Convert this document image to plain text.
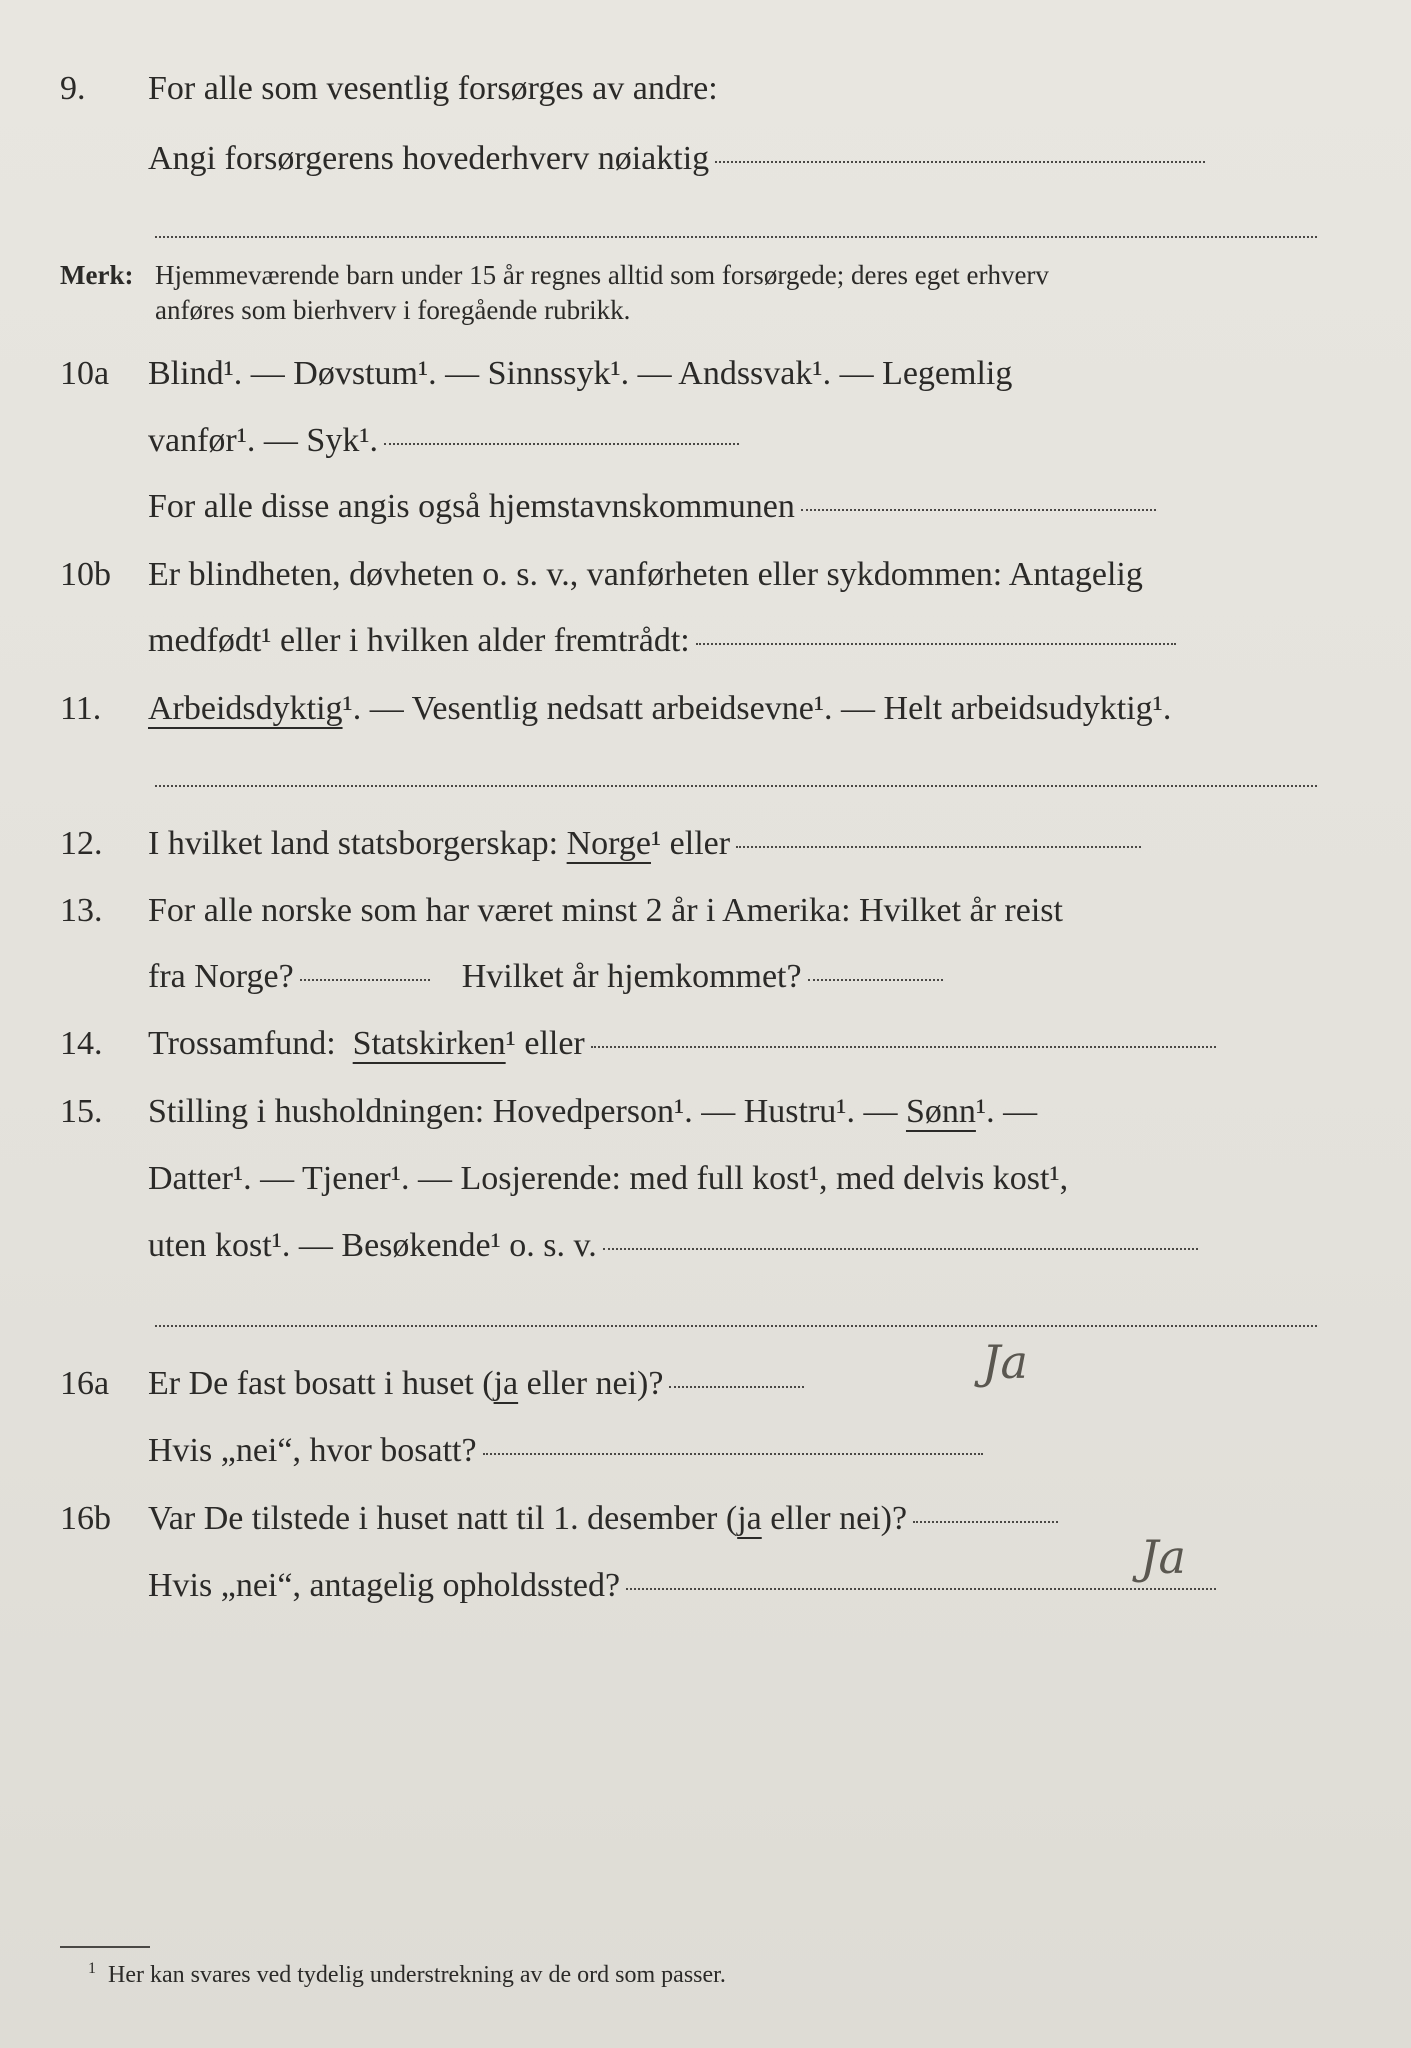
9. For alle som vesentlig forsørges av andre:
Angi forsørgerens hovederhverv nøiaktig
Merk: Hjemmeværende barn under 15 år regnes alltid som forsørgede; deres eget erhverv
anføres som bierhverv i foregående rubrikk.
10a Blind¹. — Døvstum¹. — Sinnssyk¹. — Andssvak¹. — Legemlig
vanfør¹. — Syk¹.
For alle disse angis også hjemstavnskommunen
10b Er blindheten, døvheten o. s. v., vanførheten eller sykdommen: Antagelig
medfødt¹ eller i hvilken alder fremtrådt:
11. Arbeidsdyktig ¹. — Vesentlig nedsatt arbeidsevne¹. — Helt arbeidsudyktig¹.
12. I hvilket land statsborgerskap:
Norge ¹ eller
13. For alle norske som har været minst 2 år i Amerika: Hvilket år reist
fra Norge?	Hvilket år hjemkommet?
14. Trossamfund:
Statskirken ¹ eller
15. Stilling i husholdningen: Hovedperson¹. — Hustru¹. —
Sønn ¹. —
Datter¹. — Tjener¹. — Losjerende: med full kost¹, med delvis kost¹,
uten kost¹. — Besøkende¹ o. s. v.
16a Er De fast bosatt i huset ( ja eller nei)?	Ja
Hvis „nei“, hvor bosatt?
16b Var De tilstede i huset natt til 1. desember ( ja eller nei)?
Ja
Hvis „nei“, antagelig opholdssted?
$^1$ Her kan svares ved tydelig understrekning av de ord som passer.
